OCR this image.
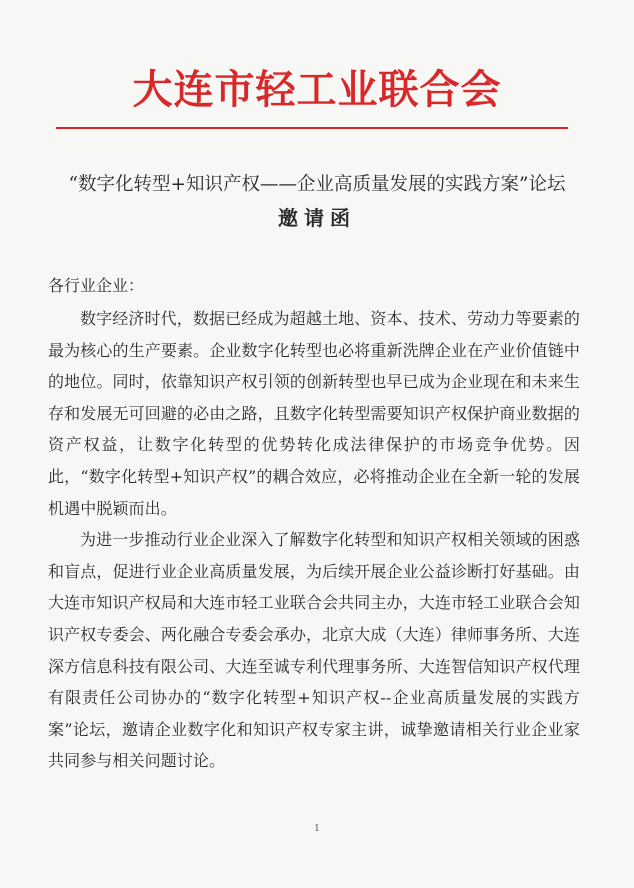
大连市轻工业联合会
“数字化转型+知识产权——企业高质量发展的实践方案”论坛
邀请函
各行业企业：

数字经济时代，数据已经成为超越土地、资本、技术、劳动力等要素的最为核心的生产要素。企业数字化转型也必将重新洗牌企业在产业价值链中的地位。同时，依靠知识产权引领的创新转型也早已成为企业现在和未来生存和发展无可回避的必由之路，且数字化转型需要知识产权保护商业数据的资产权益，让数字化转型的优势转化成法律保护的市场竞争优势。因此，“数字化转型+知识产权”的耦合效应，必将推动企业在全新一轮的发展机遇中脱颖而出。

为进一步推动行业企业深入了解数字化转型和知识产权相关领域的困惑和盲点，促进行业企业高质量发展，为后续开展企业公益诊断打好基础。由大连市知识产权局和大连市轻工业联合会共同主办，大连市轻工业联合会知识产权专委会、两化融合专委会承办，北京大成（大连）律师事务所、大连深方信息科技有限公司、大连至诚专利代理事务所、大连智信知识产权代理有限责任公司协办的“数字化转型+知识产权--企业高质量发展的实践方案”论坛，邀请企业数字化和知识产权专家主讲，诚挚邀请相关行业企业家共同参与相关问题讨论。

1
